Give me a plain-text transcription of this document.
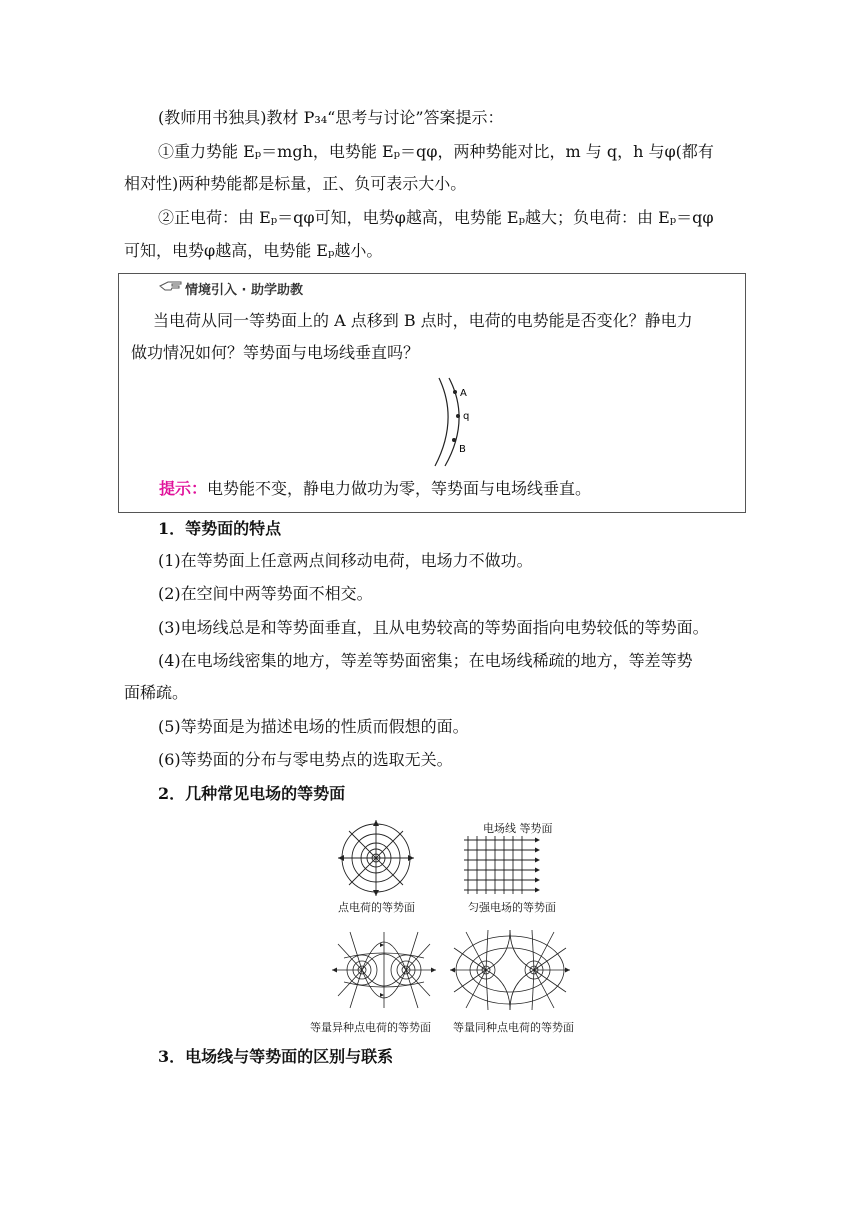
(教师用书独具)教材 P₃₄“思考与讨论”答案提示：
①重力势能 Eₚ＝mgh，电势能 Eₚ＝qφ，两种势能对比，m 与 q，h 与φ(都有
相对性)两种势能都是标量，正、负可表示大小。
②正电荷：由 Eₚ＝qφ可知，电势φ越高，电势能 Eₚ越大；负电荷：由 Eₚ＝qφ
可知，电势φ越高，电势能 Eₚ越小。
情境引入 · 助学助教
当电荷从同一等势面上的 A 点移到 B 点时，电荷的电势能是否变化？静电力
做功情况如何？等势面与电场线垂直吗？
A
q
B
提示：电势能不变，静电力做功为零，等势面与电场线垂直。
1．等势面的特点
(1)在等势面上任意两点间移动电荷，电场力不做功。
(2)在空间中两等势面不相交。
(3)电场线总是和等势面垂直，且从电势较高的等势面指向电势较低的等势面。
(4)在电场线密集的地方，等差等势面密集；在电场线稀疏的地方，等差等势
面稀疏。
(5)等势面是为描述电场的性质而假想的面。
(6)等势面的分布与零电势点的选取无关。
2．几种常见电场的等势面
点电荷的等势面
电场线 等势面
匀强电场的等势面
等量异种点电荷的等势面 等量同种点电荷的等势面
3．电场线与等势面的区别与联系
